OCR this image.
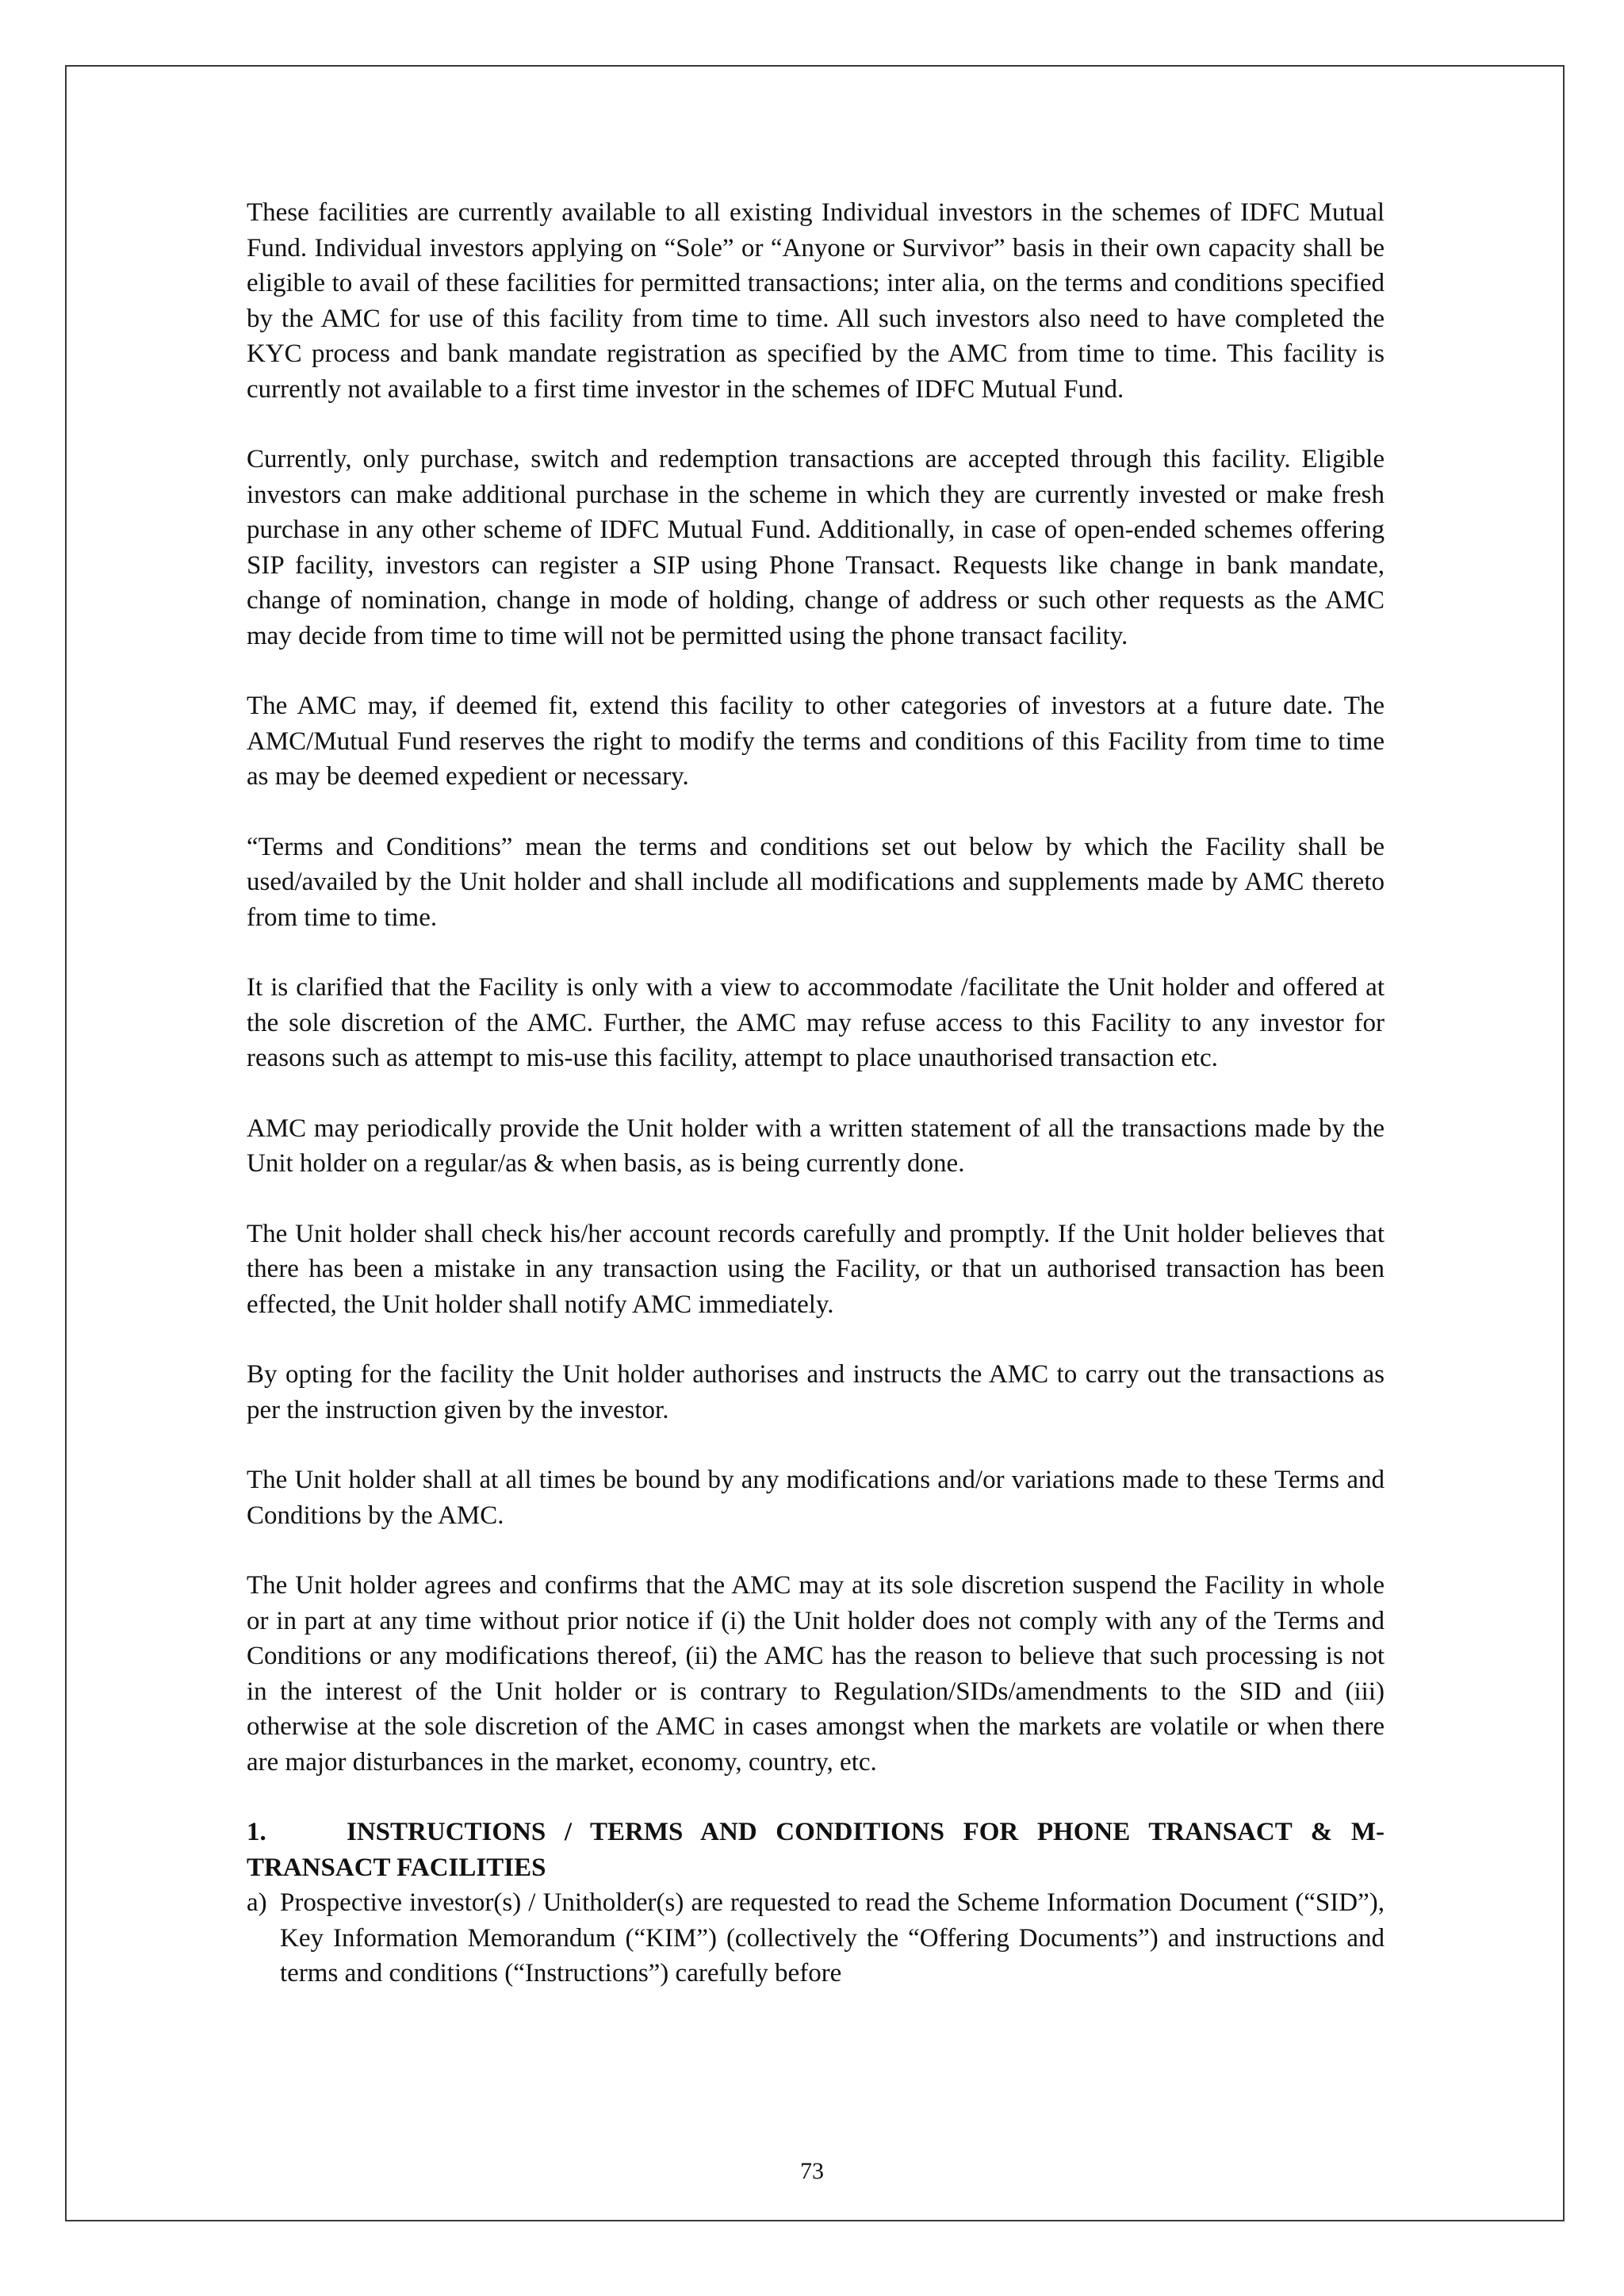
These facilities are currently available to all existing Individual investors in the schemes of IDFC Mutual Fund. Individual investors applying on “Sole” or “Anyone or Survivor” basis in their own capacity shall be eligible to avail of these facilities for permitted transactions; inter alia, on the terms and conditions specified by the AMC for use of this facility from time to time. All such investors also need to have completed the KYC process and bank mandate registration as specified by the AMC from time to time. This facility is currently not available to a first time investor in the schemes of IDFC Mutual Fund.

Currently, only purchase, switch and redemption transactions are accepted through this facility. Eligible investors can make additional purchase in the scheme in which they are currently invested or make fresh purchase in any other scheme of IDFC Mutual Fund. Additionally, in case of open-ended schemes offering SIP facility, investors can register a SIP using Phone Transact. Requests like change in bank mandate, change of nomination, change in mode of holding, change of address or such other requests as the AMC may decide from time to time will not be permitted using the phone transact facility.

The AMC may, if deemed fit, extend this facility to other categories of investors at a future date. The AMC/Mutual Fund reserves the right to modify the terms and conditions of this Facility from time to time as may be deemed expedient or necessary.

“Terms and Conditions” mean the terms and conditions set out below by which the Facility shall be used/availed by the Unit holder and shall include all modifications and supplements made by AMC thereto from time to time.

It is clarified that the Facility is only with a view to accommodate /facilitate the Unit holder and offered at the sole discretion of the AMC. Further, the AMC may refuse access to this Facility to any investor for reasons such as attempt to mis-use this facility, attempt to place unauthorised transaction etc.

AMC may periodically provide the Unit holder with a written statement of all the transactions made by the Unit holder on a regular/as & when basis, as is being currently done.

The Unit holder shall check his/her account records carefully and promptly. If the Unit holder believes that there has been a mistake in any transaction using the Facility, or that un authorised transaction has been effected, the Unit holder shall notify AMC immediately.

By opting for the facility the Unit holder authorises and instructs the AMC to carry out the transactions as per the instruction given by the investor.

The Unit holder shall at all times be bound by any modifications and/or variations made to these Terms and Conditions by the AMC.

The Unit holder agrees and confirms that the AMC may at its sole discretion suspend the Facility in whole or in part at any time without prior notice if (i) the Unit holder does not comply with any of the Terms and Conditions or any modifications thereof, (ii) the AMC has the reason to believe that such processing is not in the interest of the Unit holder or is contrary to Regulation/SIDs/amendments to the SID and (iii) otherwise at the sole discretion of the AMC in cases amongst when the markets are volatile or when there are major disturbances in the market, economy, country, etc.

1.	INSTRUCTIONS / TERMS AND CONDITIONS FOR PHONE TRANSACT & M-TRANSACT FACILITIES

a) Prospective investor(s) / Unitholder(s) are requested to read the Scheme Information Document (“SID”), Key Information Memorandum (“KIM”) (collectively the “Offering Documents”) and instructions and terms and conditions (“Instructions”) carefully before
73
